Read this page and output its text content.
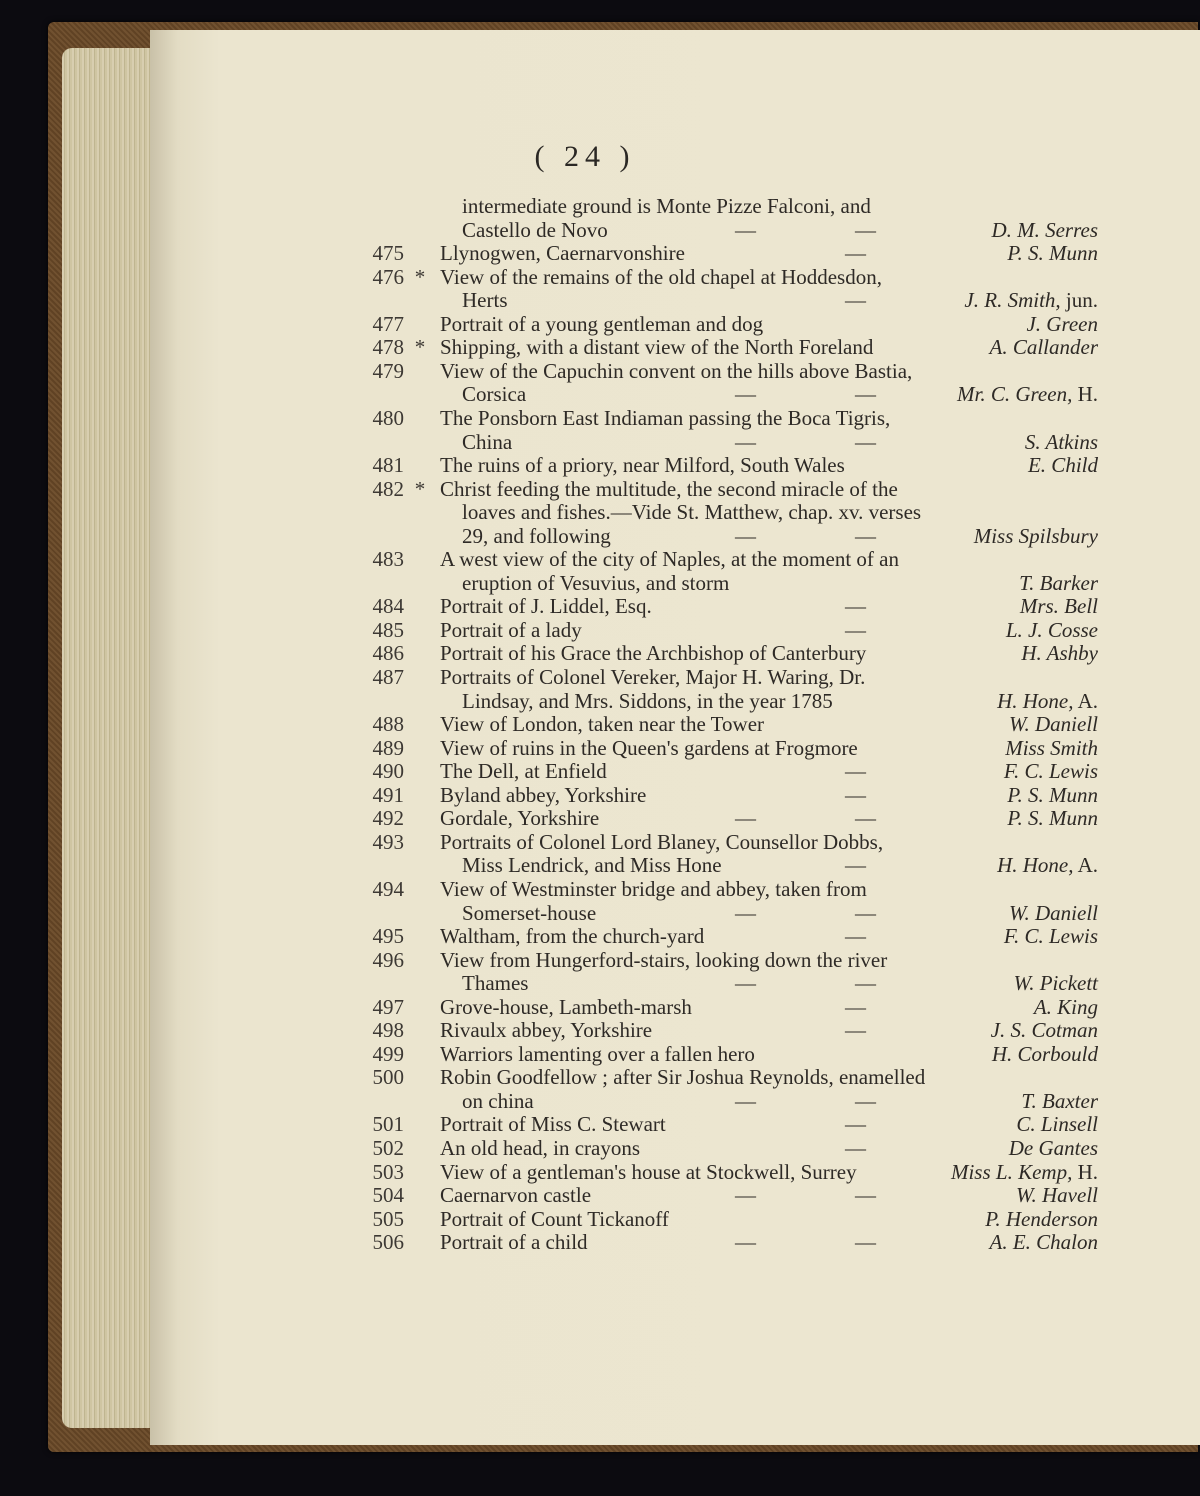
( 24 )
intermediate ground is Monte Pizze Falconi, and
Castello de Novo	—	—	D. M. Serres
475 Llynogwen, Caernarvonshire	—	P. S. Munn
476 * View of the remains of the old chapel at Hoddesdon,
Herts	—	J. R. Smith, jun.
477 Portrait of a young gentleman and dog	J. Green
478 * Shipping, with a distant view of the North Foreland	A. Callander
479 View of the Capuchin convent on the hills above Bastia,
Corsica	—	—	Mr. C. Green, H.
480 The Ponsborn East Indiaman passing the Boca Tigris,
China	—	—	S. Atkins
481 The ruins of a priory, near Milford, South Wales	E. Child
482 * Christ feeding the multitude, the second miracle of the
loaves and fishes.—Vide St. Matthew, chap. xv. verses
29, and following	—	—	Miss Spilsbury
483 A west view of the city of Naples, at the moment of an
eruption of Vesuvius, and storm	T. Barker
484 Portrait of J. Liddel, Esq.	—	Mrs. Bell
485 Portrait of a lady	—	L. J. Cosse
486 Portrait of his Grace the Archbishop of Canterbury	H. Ashby
487 Portraits of Colonel Vereker, Major H. Waring, Dr.
Lindsay, and Mrs. Siddons, in the year 1785	H. Hone, A.
488 View of London, taken near the Tower	W. Daniell
489 View of ruins in the Queen's gardens at Frogmore	Miss Smith
490 The Dell, at Enfield	—	F. C. Lewis
491 Byland abbey, Yorkshire	—	P. S. Munn
492 Gordale, Yorkshire	—	—	P. S. Munn
493 Portraits of Colonel Lord Blaney, Counsellor Dobbs,
Miss Lendrick, and Miss Hone	—	H. Hone, A.
494 View of Westminster bridge and abbey, taken from
Somerset-house	—	—	W. Daniell
495 Waltham, from the church-yard	—	F. C. Lewis
496 View from Hungerford-stairs, looking down the river
Thames	—	—	W. Pickett
497 Grove-house, Lambeth-marsh	—	A. King
498 Rivaulx abbey, Yorkshire	—	J. S. Cotman
499 Warriors lamenting over a fallen hero	H. Corbould
500 Robin Goodfellow ; after Sir Joshua Reynolds, enamelled
on china	—	—	T. Baxter
501 Portrait of Miss C. Stewart	—	C. Linsell
502 An old head, in crayons	—	De Gantes
503 View of a gentleman's house at Stockwell, Surrey	Miss L. Kemp, H.
504 Caernarvon castle	—	—	W. Havell
505 Portrait of Count Tickanoff	P. Henderson
506 Portrait of a child	—	—	A. E. Chalon
